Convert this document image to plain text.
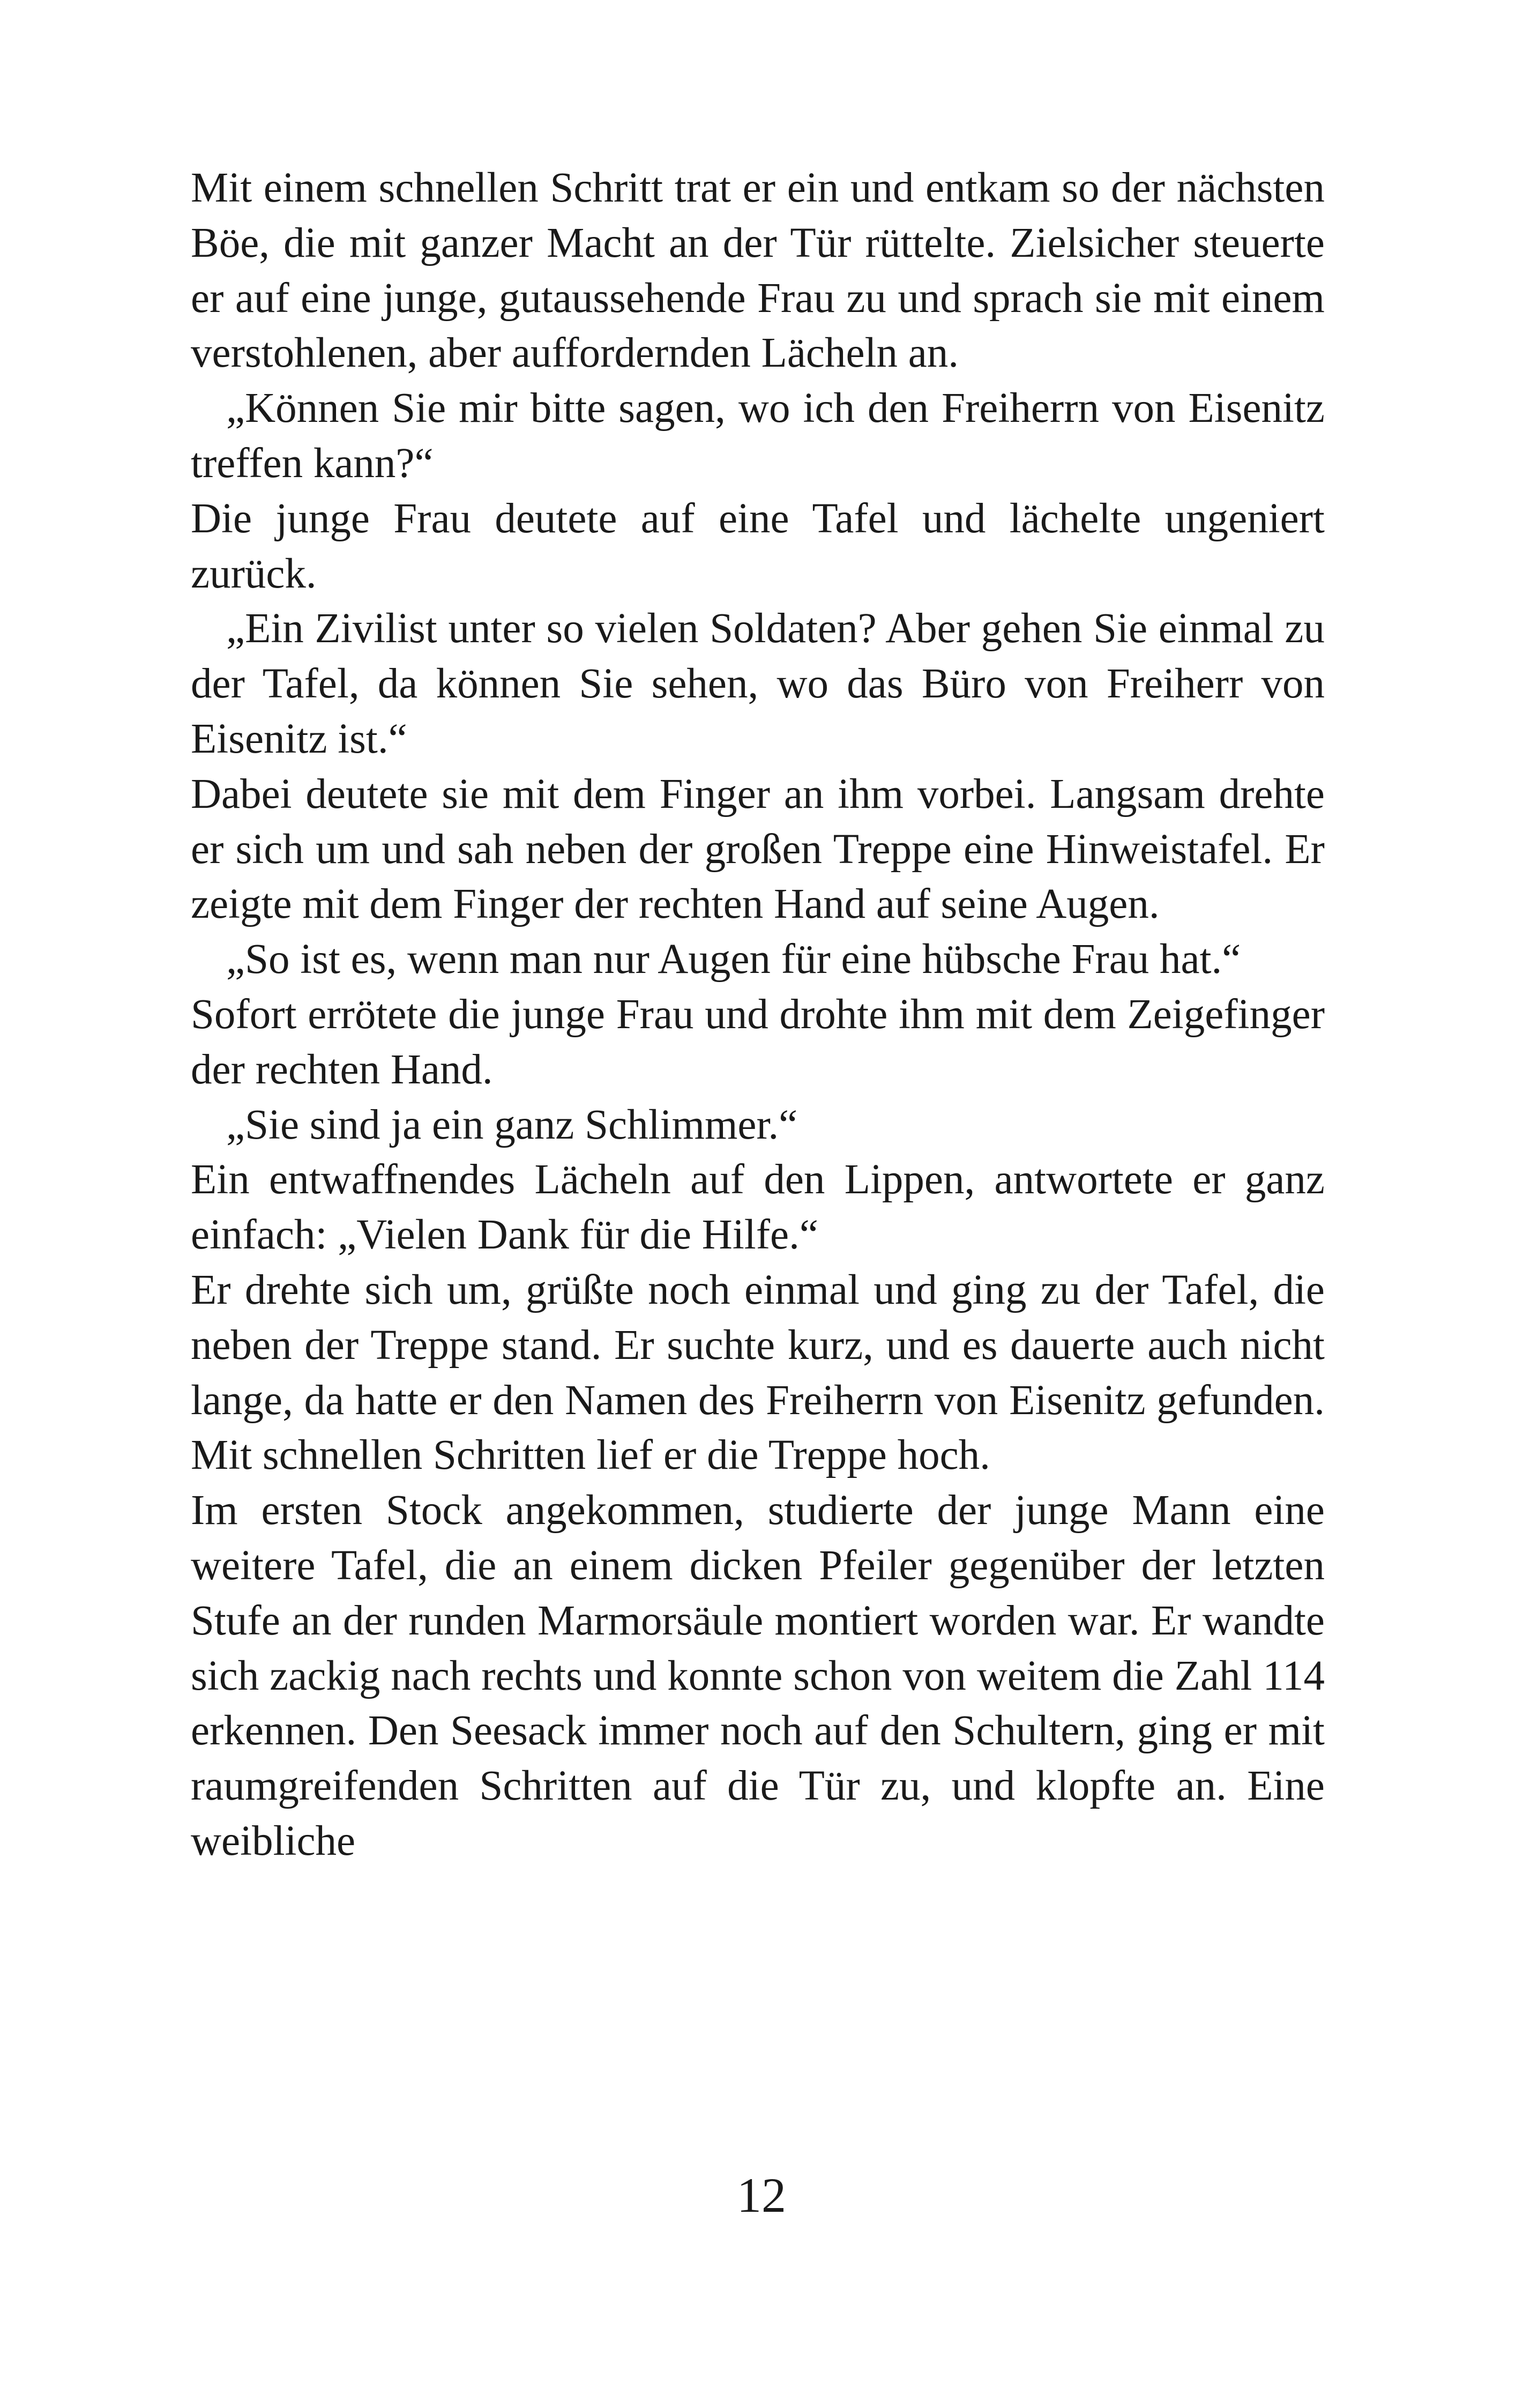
Mit einem schnellen Schritt trat er ein und entkam so der nächsten Böe, die mit ganzer Macht an der Tür rüttelte. Zielsicher steuerte er auf eine junge, gutaussehende Frau zu und sprach sie mit einem verstohlenen, aber auffordernden Lächeln an.

„Können Sie mir bitte sagen, wo ich den Freiherrn von Eisenitz treffen kann?“

Die junge Frau deutete auf eine Tafel und lächelte ungeniert zurück.

„Ein Zivilist unter so vielen Soldaten? Aber gehen Sie einmal zu der Tafel, da können Sie sehen, wo das Büro von Freiherr von Eisenitz ist.“

Dabei deutete sie mit dem Finger an ihm vorbei. Langsam drehte er sich um und sah neben der großen Treppe eine Hinweistafel. Er zeigte mit dem Finger der rechten Hand auf seine Augen.

„So ist es, wenn man nur Augen für eine hübsche Frau hat.“

Sofort errötete die junge Frau und drohte ihm mit dem Zeigefinger der rechten Hand.

„Sie sind ja ein ganz Schlimmer.“

Ein entwaffnendes Lächeln auf den Lippen, antwortete er ganz einfach: „Vielen Dank für die Hilfe.“

Er drehte sich um, grüßte noch einmal und ging zu der Tafel, die neben der Treppe stand. Er suchte kurz, und es dauerte auch nicht lange, da hatte er den Namen des Freiherrn von Eisenitz gefunden. Mit schnellen Schritten lief er die Treppe hoch.

Im ersten Stock angekommen, studierte der junge Mann eine weitere Tafel, die an einem dicken Pfeiler gegenüber der letzten Stufe an der runden Marmorsäule montiert worden war. Er wandte sich zackig nach rechts und konnte schon von weitem die Zahl 114 erkennen. Den Seesack immer noch auf den Schultern, ging er mit raumgreifenden Schritten auf die Tür zu, und klopfte an. Eine weibliche

12
